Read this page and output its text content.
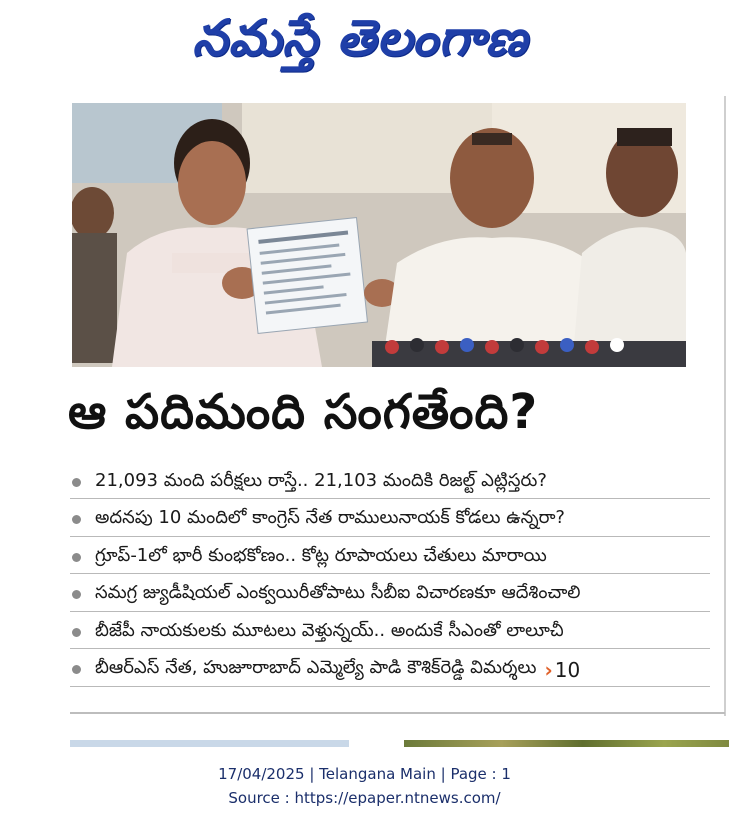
నమస్తే తెలంగాణ
ఆ పదిమంది సంగతేంది?
21,093 మంది పరీక్షలు రాస్తే.. 21,103 మందికి రిజల్ట్ ఎట్లిస్తరు?
అదనపు 10 మందిలో కాంగ్రెస్ నేత రాములునాయక్ కోడలు ఉన్నరా?
గ్రూప్-1లో భారీ కుంభకోణం.. కోట్ల రూపాయలు చేతులు మారాయి
సమగ్ర జ్యుడీషియల్ ఎంక్వయిరీతోపాటు సీబీఐ విచారణకూ ఆదేశించాలి
బీజేపీ నాయకులకు మూటలు వెళ్తున్నయ్.. అందుకే సీఎంతో లాలూచీ
బీఆర్ఎస్ నేత, హుజూరాబాద్ ఎమ్మెల్యే పాడి కౌశిక్‌రెడ్డి విమర్శలు › 10
17/04/2025 | Telangana Main | Page : 1
Source : https://epaper.ntnews.com/
